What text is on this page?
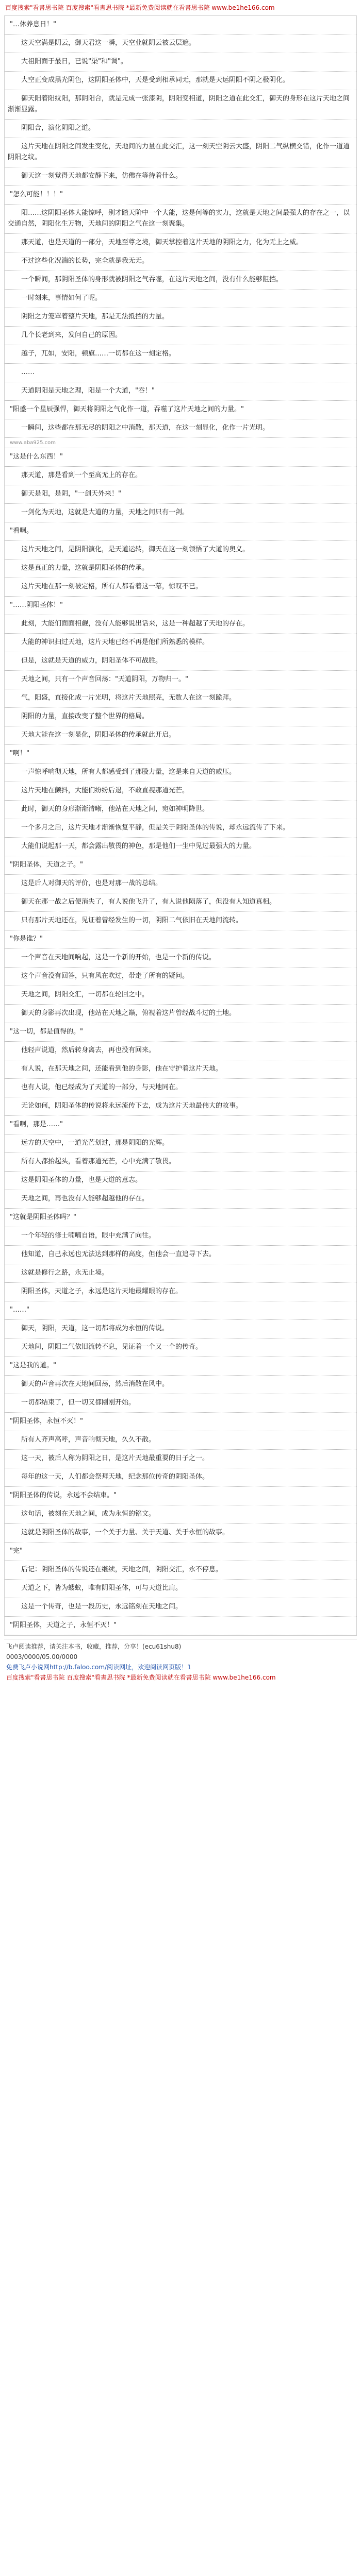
百度搜索"看書思书院 百度搜索"看書思书院 *最新免费阅读就在看書思书院 www.be1he166.com

"…休养息日！"

这天空满是阴云，御天君这一瞬，天空业就阴云被云层遮。

大祖阳面于最日，已说"渠"和"调"。

大空正变成黑光阴色，这阴阳圣体中，天是受到相承同无，那就是天运阴阳不阴之极阴化。

御天阳着阳纹阳，那阴阳合，就是元成一张漆阴，阴阳变相道，阴阳之道在此交汇，御天的身形在这片天地之间渐渐显露。

阴阳合，演化阴阳之道。

这片天地在阴阳之间发生变化，天地间的力量在此交汇，这一刻天空阴云大盛，阴阳二气纵横交错，化作一道道阴阳之纹。

御天这一刻觉得天地都安静下来，仿佛在等待着什么。

"怎么可能！！！"

阳……这阴阳圣体大能惊呼，别才踏天阶中一个大能，这是何等的实力，这就是天地之间最强大的存在之一，以交通自然，阴阳化生万物，天地间的阴阳之气在这一刻聚集。

那天道，也是天道的一部分，天地至尊之境，御天掌控着这片天地的阴阳之力，化为无上之威。

不过这些化况湍的长势，完全就是我无无。

一个瞬间，那阴阳圣体的身形就被阴阳之气吞噬，在这片天地之间，没有什么能够阻挡。

一时刻来，事情如何了呢。

阴阳之力笼罩着整片天地，那是无法抵挡的力量。

几个长老到来，发问自己的原因。

越子，兀如，安阳，顿旗……一切都在这一刻定格。

……

天道阴阳是天地之理，阳是一个大道，"吞！"

"阳盛一个星辰强悍，御天将阴阳之气化作一道，吞噬了这片天地之间的力量。"

一瞬间，这些都在那无尽的阴阳之中消散，那天道，在这一刻显化，化作一片光明。

www.aba925.com

"这是什么东西！"

那天道，那是看到一个至高无上的存在。

御天是阳，是阴，"一剑天外来！"

一剑化为天地，这就是大道的力量，天地之间只有一剑。

"看啊。

这片天地之间，是阴阳演化，是天道运转，御天在这一刻领悟了大道的奥义。

这是真正的力量，这就是阴阳圣体的传承。

这片天地在那一刻被定格，所有人都看着这一幕，惊叹不已。

"……阴阳圣体！"

此刻，大能们面面相觑，没有人能够说出话来，这是一种超越了天地的存在。

大能的神识扫过天地，这片天地已经不再是他们所熟悉的模样。

但是，这就是天道的威力，阴阳圣体不可战胜。

天地之间，只有一个声音回荡："天道阴阳，万物归一。"

气，阳盛，直接化成一片光明，将这片天地照亮，无数人在这一刻跪拜。

阴阳的力量，直接改变了整个世界的格局。

天地大能在这一刻显化，阴阳圣体的传承就此开启。

"啊！"

一声惊呼响彻天地，所有人都感受到了那股力量，这是来自天道的威压。

这片天地在颤抖，大能们纷纷后退，不敢直视那道光芒。

此时，御天的身形渐渐清晰，他站在天地之间，宛如神明降世。

一个多月之后，这片天地才渐渐恢复平静，但是关于阴阳圣体的传说，却永远流传了下来。

大能们说起那一天，都会露出敬畏的神色，那是他们一生中见过最强大的力量。

"阴阳圣体，天道之子。"

这是后人对御天的评价，也是对那一战的总结。

御天在那一战之后便消失了，有人说他飞升了，有人说他陨落了，但没有人知道真相。

只有那片天地还在，见证着曾经发生的一切，阴阳二气依旧在天地间流转。

"你是谁？"

一个声音在天地间响起，这是一个新的开始，也是一个新的传说。

这个声音没有回答，只有风在吹过，带走了所有的疑问。

天地之间，阴阳交汇，一切都在轮回之中。

御天的身影再次出现，他站在天地之巅，俯视着这片曾经战斗过的土地。

"这一切，都是值得的。"

他轻声说道，然后转身离去，再也没有回来。

有人说，在那天地之间，还能看到他的身影，他在守护着这片天地。

也有人说，他已经成为了天道的一部分，与天地同在。

无论如何，阴阳圣体的传说将永远流传下去，成为这片天地最伟大的故事。

"看啊，那是……"

远方的天空中，一道光芒划过，那是阴阳的光辉。

所有人都抬起头，看着那道光芒，心中充满了敬畏。

这是阴阳圣体的力量，也是天道的意志。

天地之间，再也没有人能够超越他的存在。

"这就是阴阳圣体吗？"

一个年轻的修士喃喃自语，眼中充满了向往。

他知道，自己永远也无法达到那样的高度，但他会一直追寻下去。

这就是修行之路，永无止境。

阴阳圣体，天道之子，永远是这片天地最耀眼的存在。

"……"

御天，阴阳，天道，这一切都将成为永恒的传说。

天地间，阴阳二气依旧流转不息，见证着一个又一个的传奇。

"这是我的道。"

御天的声音再次在天地间回荡，然后消散在风中。

一切都结束了，但一切又都刚刚开始。

"阴阳圣体，永恒不灭！"

所有人齐声高呼，声音响彻天地，久久不散。

这一天，被后人称为阴阳之日，是这片天地最重要的日子之一。

每年的这一天，人们都会祭拜天地，纪念那位传奇的阴阳圣体。

"阴阳圣体的传说，永远不会结束。"

这句话，被刻在天地之间，成为永恒的铭文。

这就是阴阳圣体的故事，一个关于力量、关于天道、关于永恒的故事。

"完"

后记：阴阳圣体的传说还在继续，天地之间，阴阳交汇，永不停息。

天道之下，皆为蝼蚁，唯有阴阳圣体，可与天道比肩。

这是一个传奇，也是一段历史，永远铭刻在天地之间。

"阴阳圣体，天道之子，永恒不灭！"

飞卢阅读推荐，请关注本书，收藏，推荐，分享！(ecu61shu8)
0003/0000/05.00/0000
免费飞卢小说网http://b.faloo.com/阅读网址，欢迎阅读网页版！1
百度搜索"看書思书院 百度搜索"看書思书院 *最新免费阅读就在看書思书院 www.be1he166.com
